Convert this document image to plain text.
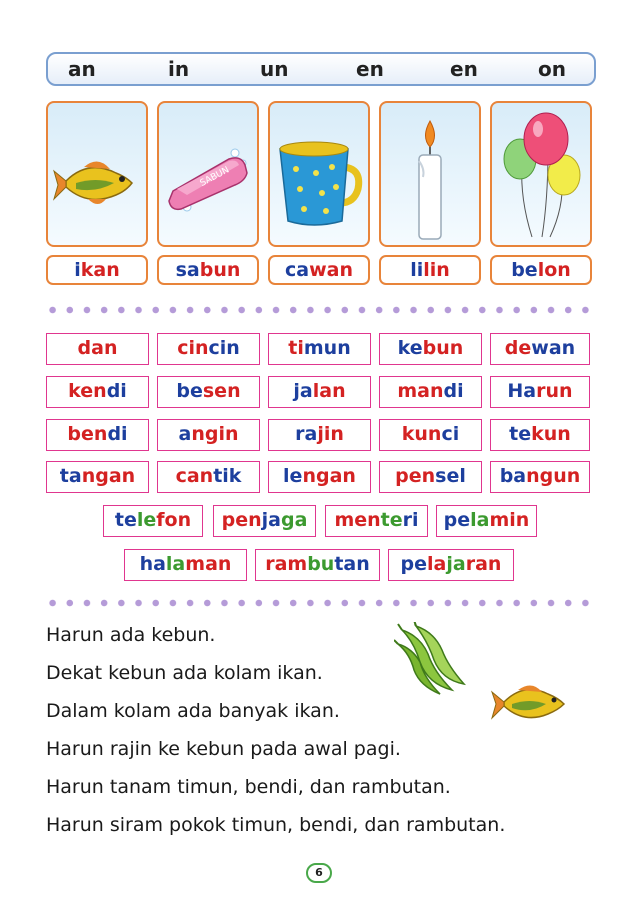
an	in	un	en	en	on
SABUN
ikan	sabun	cawan	lilin	belon
dan	cincin	timun	kebun	dewan
kendi	besen	jalan	mandi	Harun
bendi	angin	rajin	kunci	tekun
tangan	cantik	lengan	pensel	bangun
telefon	penjaga	menteri	pelamin
halaman	rambutan	pelajaran
Harun ada kebun.
Dekat kebun ada kolam ikan.
Dalam kolam ada banyak ikan.
Harun rajin ke kebun pada awal pagi.
Harun tanam timun, bendi, dan rambutan.
Harun siram pokok timun, bendi, dan rambutan.
6
